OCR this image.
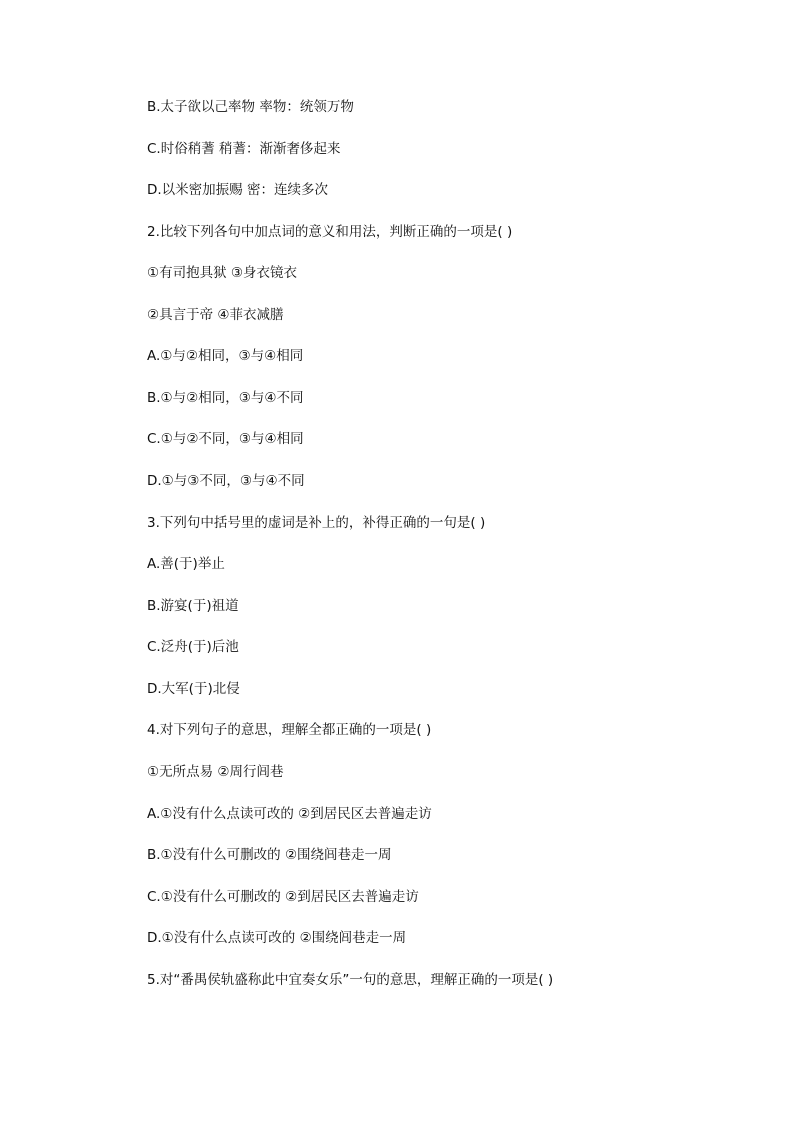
B.太子欲以己率物 率物：统领万物
C.时俗稍蓍 稍蓍：渐渐奢侈起来
D.以米密加振赐 密：连续多次
2.比较下列各句中加点词的意义和用法，判断正确的一项是( )
①有司抱具狱 ③身衣镜衣
②具言于帝 ④菲衣减膳
A.①与②相同，③与④相同
B.①与②相同，③与④不同
C.①与②不同，③与④相同
D.①与③不同，③与④不同
3.下列句中括号里的虚词是补上的，补得正确的一句是( )
A.善(于)举止
B.游宴(于)祖道
C.泛舟(于)后池
D.大军(于)北侵
4.对下列句子的意思，理解全都正确的一项是( )
①无所点易 ②周行闾巷
A.①没有什么点读可改的 ②到居民区去普遍走访
B.①没有什么可删改的 ②围绕闾巷走一周
C.①没有什么可删改的 ②到居民区去普遍走访
D.①没有什么点读可改的 ②围绕闾巷走一周
5.对“番禺侯轨盛称此中宜奏女乐”一句的意思，理解正确的一项是( )
